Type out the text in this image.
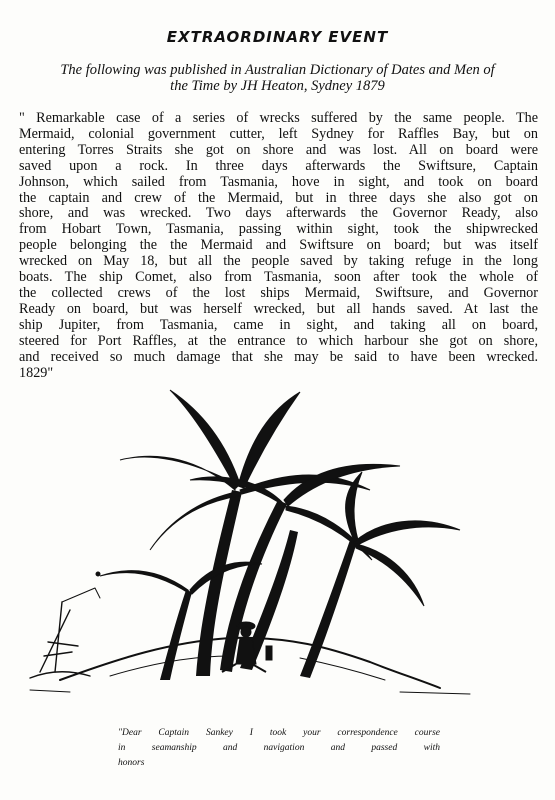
EXTRAORDINARY EVENT
The following was published in Australian Dictionary of Dates and Men of
the Time by JH Heaton, Sydney 1879
" Remarkable case of a series of wrecks suffered by the same people. The
Mermaid, colonial government cutter, left Sydney for Raffles Bay, but on
entering Torres Straits she got on shore and was lost. All on board were
saved upon a rock. In three days afterwards the Swiftsure, Captain
Johnson, which sailed from Tasmania, hove in sight, and took on board
the captain and crew of the Mermaid, but in three days she also got on
shore, and was wrecked. Two days afterwards the Governor Ready, also
from Hobart Town, Tasmania, passing within sight, took the shipwrecked
people belonging the the Mermaid and Swiftsure on board; but was itself
wrecked on May 18, but all the people saved by taking refuge in the long
boats. The ship Comet, also from Tasmania, soon after took the whole of
the collected crews of the lost ships Mermaid, Swiftsure, and Governor
Ready on board, but was herself wrecked, but all hands saved. At last the
ship Jupiter, from Tasmania, came in sight, and taking all on board,
steered for Port Raffles, at the entrance to which harbour she got on shore,
and received so much damage that she may be said to have been wrecked.
1829"
"Dear Captain Sankey I took your correspondence course
in seamanship and navigation and passed with
honors
